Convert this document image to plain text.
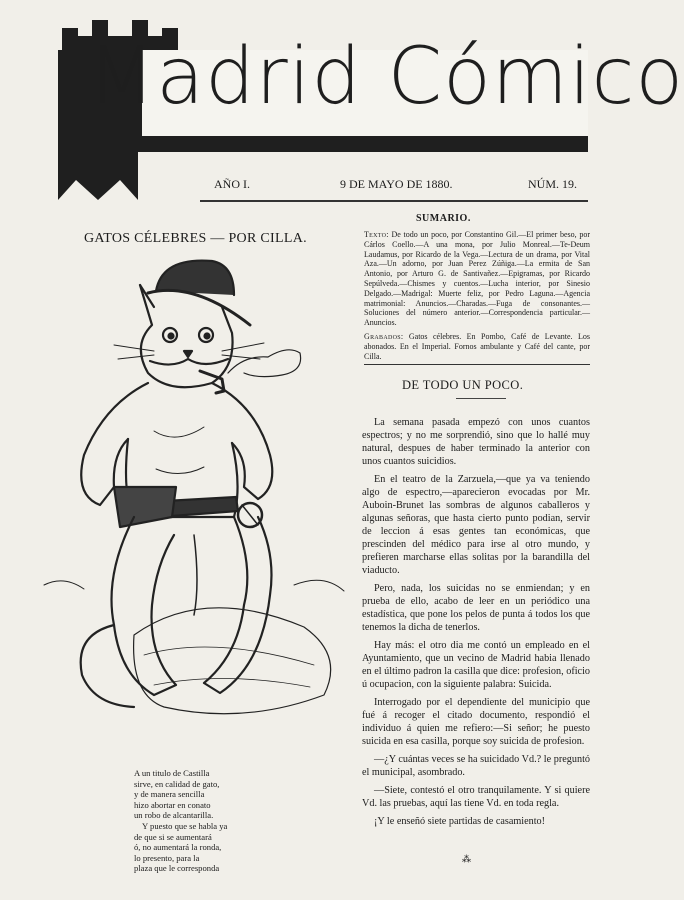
Madrid Cómico
AÑO I.	9 DE MAYO DE 1880.	NÚM. 19.
GATOS CÉLEBRES — POR CILLA.
A un titulo de Castilla
sirve, en calidad de gato,
y de manera sencilla
hizo abortar en conato
un robo de alcantarilla.
Y puesto que se habla ya
de que si se aumentará
ó, no aumentará la ronda,
lo presento, para la
plaza que le corresponda
SUMARIO.

Texto: De todo un poco, por Constantino Gil.—El primer beso, por Cárlos Coello.—A una mona, por Julio Monreal.—Te-Deum Laudamus, por Ricardo de la Vega.—Lectura de un drama, por Vital Aza.—Un adorno, por Juan Perez Zúñiga.—La ermita de San Antonio, por Arturo G. de Santivañez.—Epigramas, por Ricardo Sepúlveda.—Chismes y cuentos.—Lucha interior, por Sinesio Delgado.—Madrigal: Muerte feliz, por Pedro Laguna.—Agencia matrimonial: Anuncios.—Charadas.—Fuga de consonantes.—Soluciones del número anterior.—Correspondencia particular.—Anuncios.

Grabados: Gatos célebres. En Pombo, Café de Levante. Los abonados. En el Imperial. Fornos ambulante y Café del cante, por Cilla.

DE TODO UN POCO.

La semana pasada empezó con unos cuantos espectros; y no me sorprendió, sino que lo hallé muy natural, despues de haber terminado la anterior con unos cuantos suicidios.

En el teatro de la Zarzuela,—que ya va teniendo algo de espectro,—aparecieron evocadas por Mr. Auboin-Brunet las sombras de algunos caballeros y algunas señoras, que hasta cierto punto podian, servir de leccion á esas gentes tan económicas, que prescinden del médico para irse al otro mundo, y prefieren marcharse ellas solitas por la barandilla del viaducto.

Pero, nada, los suicidas no se enmiendan; y en prueba de ello, acabo de leer en un periódico una estadística, que pone los pelos de punta á todos los que tenemos la dicha de tenerlos.

Hay más: el otro dia me contó un empleado en el Ayuntamiento, que un vecino de Madrid habia llenado en el último padron la casilla que dice: profesion, oficio ú ocupacion, con la siguiente palabra: Suicida.

Interrogado por el dependiente del municipio que fué á recoger el citado documento, respondió el individuo á quien me refiero:—Si señor; he puesto suicida en esa casilla, porque soy suicida de profesion.

—¿Y cuántas veces se ha suicidado Vd.? le preguntó el municipal, asombrado.

—Siete, contestó el otro tranquilamente. Y si quiere Vd. las pruebas, aquí las tiene Vd. en toda regla.

¡Y le enseñó siete partidas de casamiento!

⁂
